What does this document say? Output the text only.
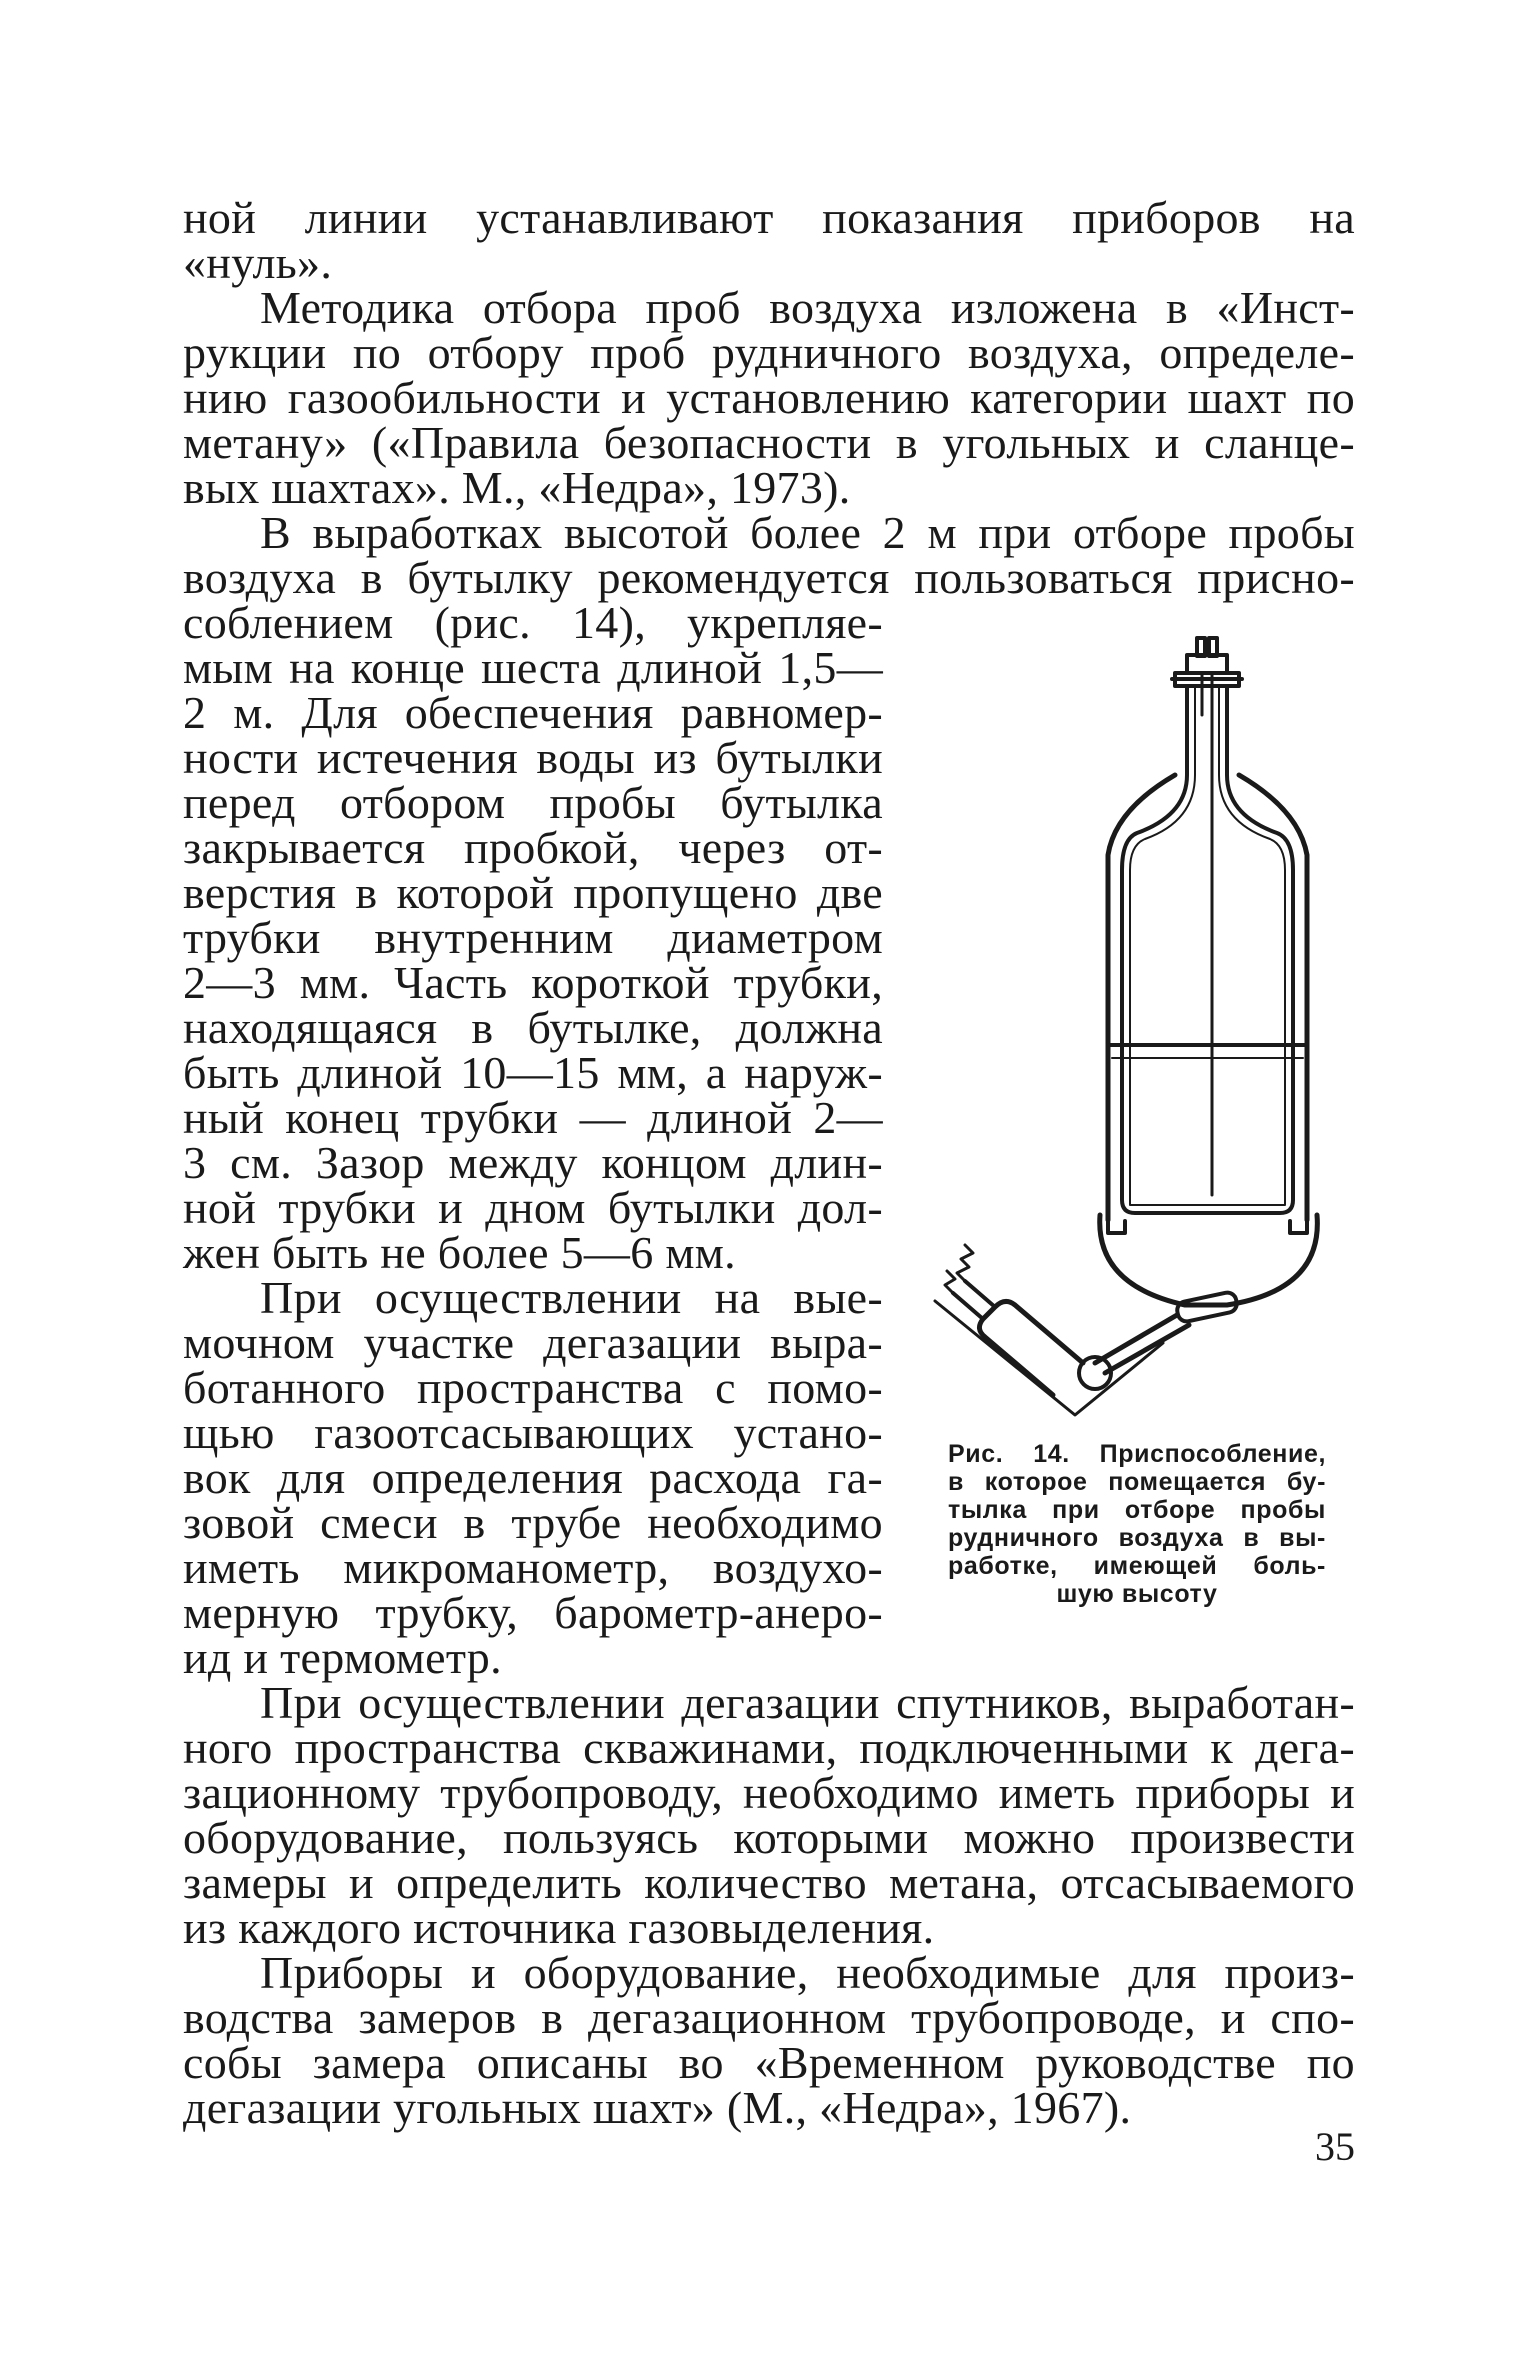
ной линии устанавливают показания приборов на
«нуль».
Методика отбора проб воздуха изложена в «Инст-
рукции по отбору проб рудничного воздуха, определе-
нию газообильности и установлению категории шахт по
метану» («Правила безопасности в угольных и сланце-
вых шахтах». М., «Недра», 1973).
В выработках высотой более 2 м при отборе пробы
воздуха в бутылку рекомендуется пользоваться присно-
соблением (рис. 14), укрепляе-
мым на конце шеста длиной 1,5—
2 м. Для обеспечения равномер-
ности истечения воды из бутылки
перед отбором пробы бутылка
закрывается пробкой, через от-
верстия в которой пропущено две
трубки внутренним диаметром
2—3 мм. Часть короткой трубки,
находящаяся в бутылке, должна
быть длиной 10—15 мм, а наруж-
ный конец трубки — длиной 2—
3 см. Зазор между концом длин-
ной трубки и дном бутылки дол-
жен быть не более 5—6 мм.
При осуществлении на вые-
мочном участке дегазации выра-
ботанного пространства с помо-
щью газоотсасывающих устано-
вок для определения расхода га-
зовой смеси в трубе необходимо
иметь микроманометр, воздухо-
мерную трубку, барометр-анеро-
ид и термометр.
Рис. 14. Приспособление,
в которое помещается бу-
тылка при отборе пробы
рудничного воздуха в вы-
работке, имеющей боль-
шую высоту
При осуществлении дегазации спутников, выработан-
ного пространства скважинами, подключенными к дега-
зационному трубопроводу, необходимо иметь приборы и
оборудование, пользуясь которыми можно произвести
замеры и определить количество метана, отсасываемого
из каждого источника газовыделения.
Приборы и оборудование, необходимые для произ-
водства замеров в дегазационном трубопроводе, и спо-
собы замера описаны во «Временном руководстве по
дегазации угольных шахт» (М., «Недра», 1967).
35
